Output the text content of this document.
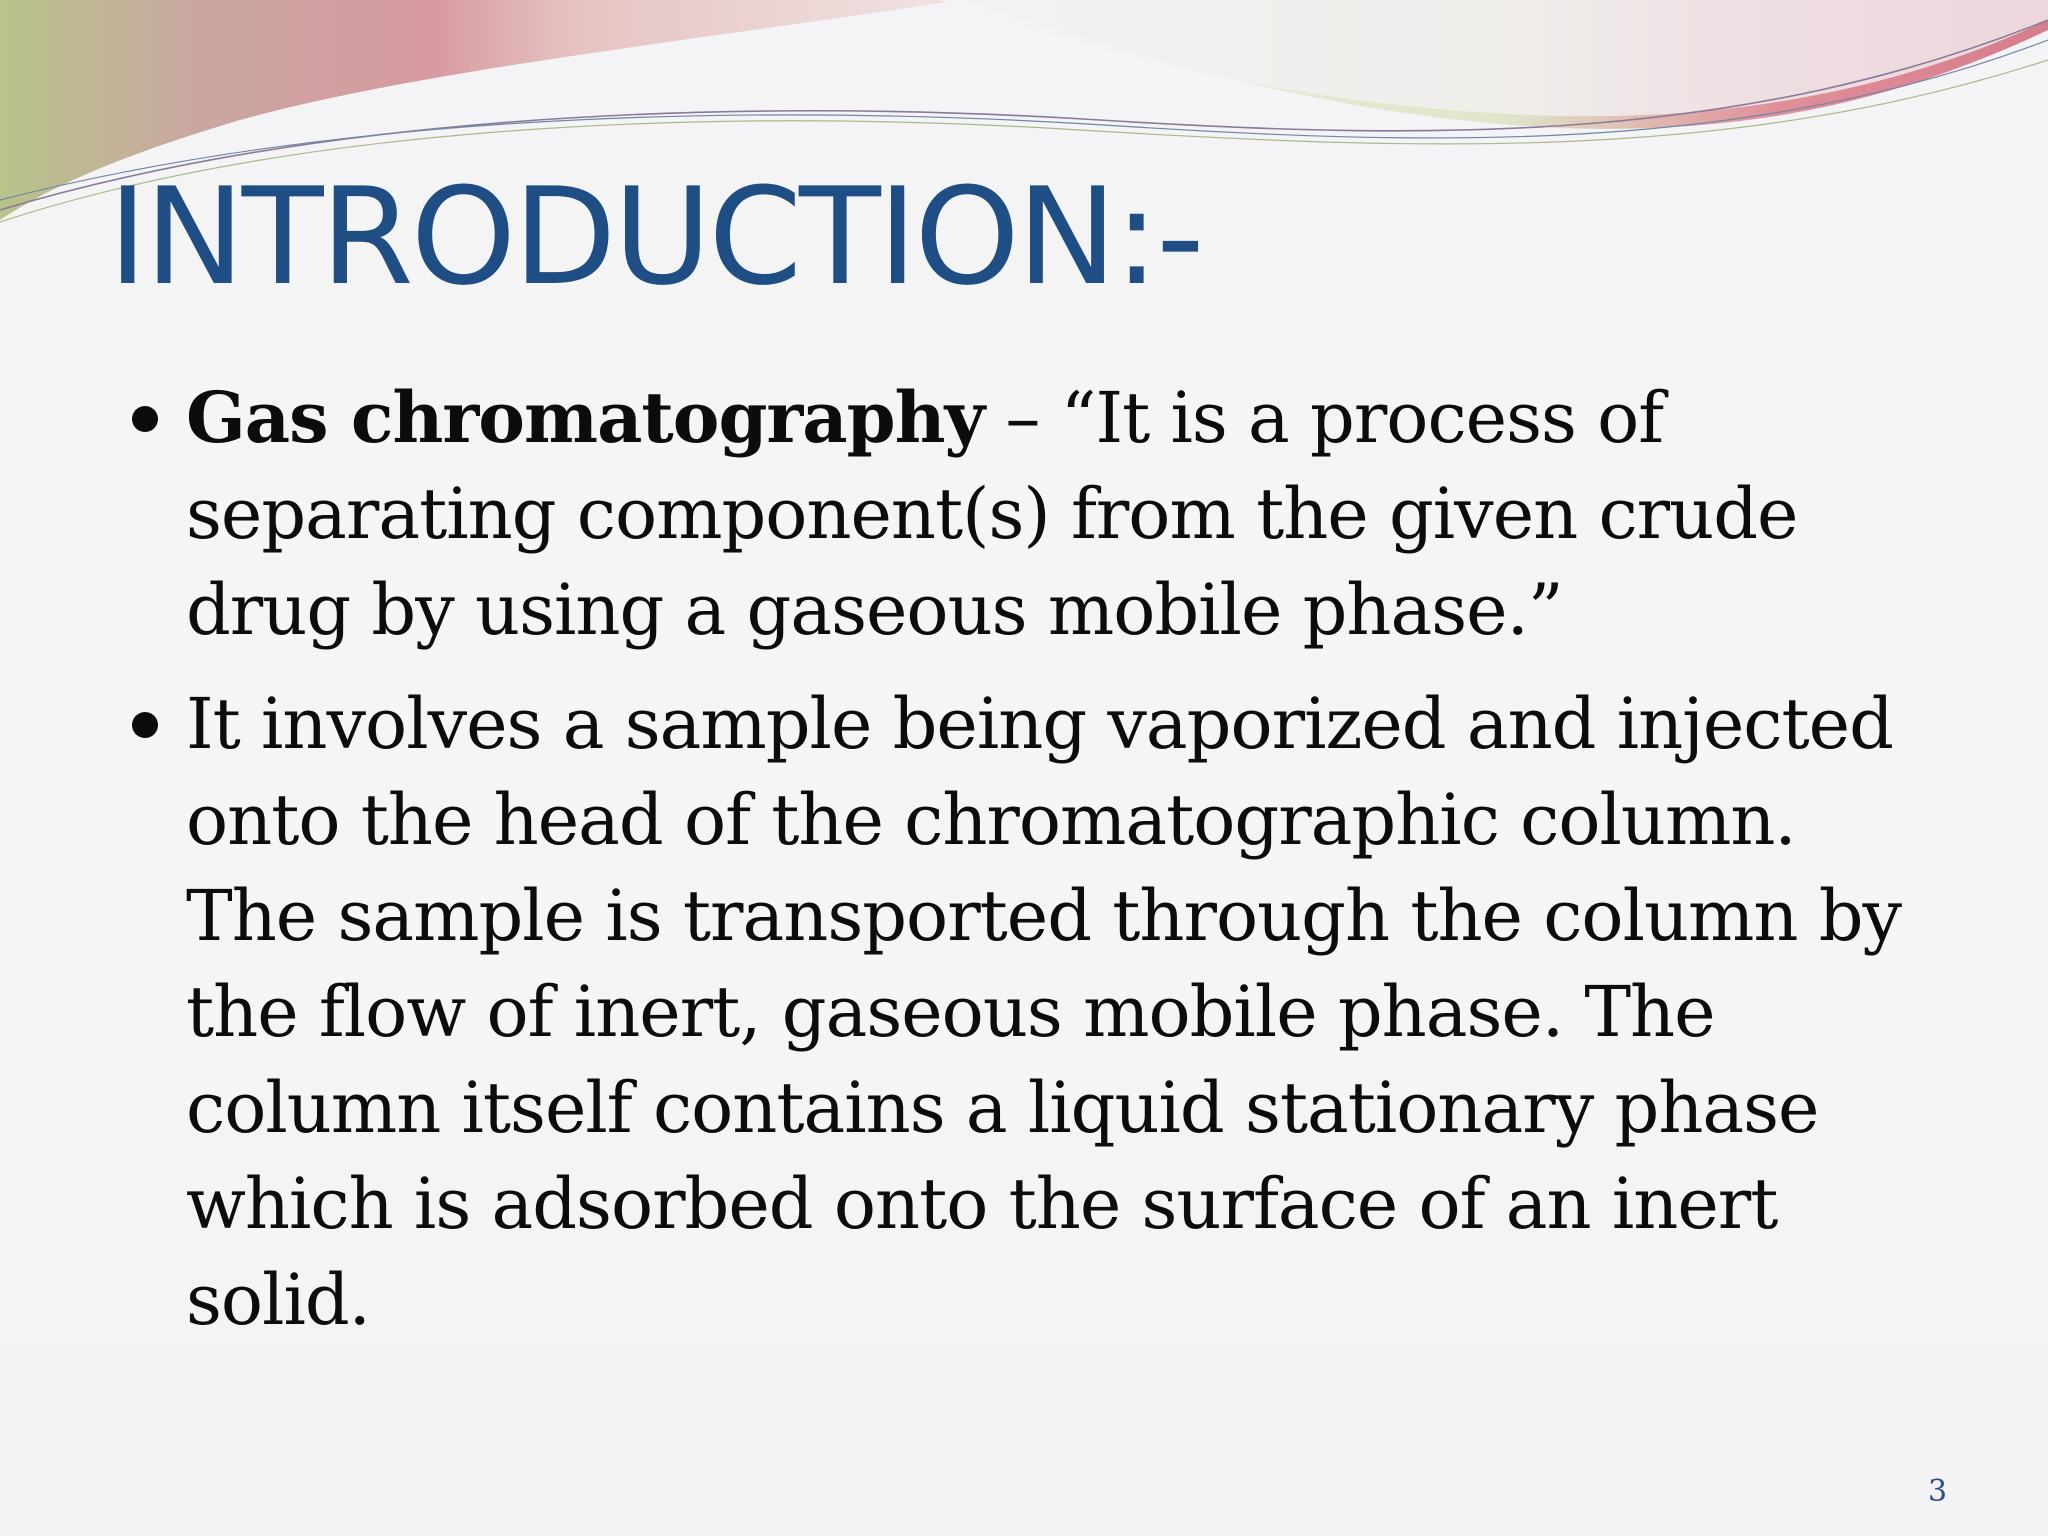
INTRODUCTION:-
Gas chromatography – “It is a process of
separating component(s) from the given crude
drug by using a gaseous mobile phase.”
It involves a sample being vaporized and injected
onto the head of the chromatographic column.
The sample is transported through the column by
the flow of inert, gaseous mobile phase. The
column itself contains a liquid stationary phase
which is adsorbed onto the surface of an inert
solid.
3
